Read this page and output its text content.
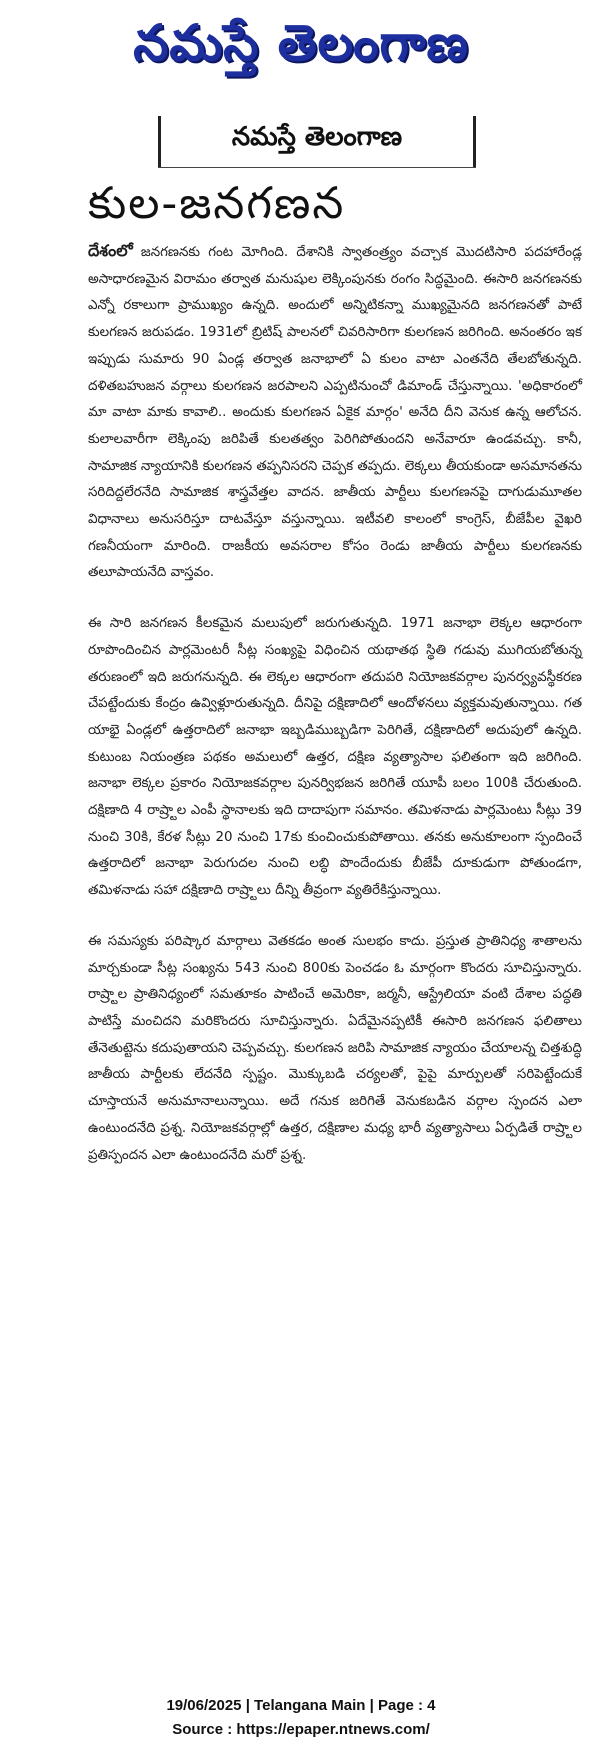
నమస్తే తెలంగాణ
నమస్తే తెలంగాణ
కుల-జనగణన

దేశంలో జనగణనకు గంట మోగింది. దేశానికి స్వాతంత్ర్యం వచ్చాక మొదటిసారి పదహారేండ్ల అసాధారణమైన విరామం తర్వాత మనుషుల లెక్కింపునకు రంగం సిద్ధమైంది. ఈసారి జనగణనకు ఎన్నో రకాలుగా ప్రాముఖ్యం ఉన్నది. అందులో అన్నిటికన్నా ముఖ్యమైనది జనగణనతో పాటే కులగణన జరుపడం. 1931లో బ్రిటిష్ పాలనలో చివరిసారిగా కులగణన జరిగింది. అనంతరం ఇక ఇప్పుడు సుమారు 90 ఏండ్ల తర్వాత జనాభాలో ఏ కులం వాటా ఎంతనేది తేలబోతున్నది. దళితబహుజన వర్గాలు కులగణన జరపాలని ఎప్పటినుంచో డిమాండ్ చేస్తున్నాయి. 'అధికారంలో మా వాటా మాకు కావాలి.. అందుకు కులగణన ఏకైక మార్గం' అనేది దీని వెనుక ఉన్న ఆలోచన. కులాలవారీగా లెక్కింపు జరిపితే కులతత్వం పెరిగిపోతుందని అనేవారూ ఉండవచ్చు. కానీ, సామాజిక న్యాయానికి కులగణన తప్పనిసరని చెప్పక తప్పదు. లెక్కలు తీయకుండా అసమానతను సరిదిద్దలేరనేది సామాజిక శాస్త్రవేత్తల వాదన. జాతీయ పార్టీలు కులగణనపై దాగుడుమూతల విధానాలు అనుసరిస్తూ దాటవేస్తూ వస్తున్నాయి. ఇటీవలి కాలంలో కాంగ్రెస్, బీజేపీల వైఖరి గణనీయంగా మారింది. రాజకీయ అవసరాల కోసం రెండు జాతీయ పార్టీలు కులగణనకు తలూపాయనేది వాస్తవం.

ఈ సారి జనగణన కీలకమైన మలుపులో జరుగుతున్నది. 1971 జనాభా లెక్కల ఆధారంగా రూపొందించిన పార్లమెంటరీ సీట్ల సంఖ్యపై విధించిన యథాతథ స్థితి గడువు ముగియబోతున్న తరుణంలో ఇది జరుగనున్నది. ఈ లెక్కల ఆధారంగా తదుపరి నియోజకవర్గాల పునర్వ్యవస్థీకరణ చేపట్టేందుకు కేంద్రం ఉవ్విళ్లూరుతున్నది. దీనిపై దక్షిణాదిలో ఆందోళనలు వ్యక్తమవుతున్నాయి. గత యాభై ఏండ్లలో ఉత్తరాదిలో జనాభా ఇబ్బడిముబ్బడిగా పెరిగితే, దక్షిణాదిలో అదుపులో ఉన్నది. కుటుంబ నియంత్రణ పథకం అమలులో ఉత్తర, దక్షిణ వ్యత్యాసాల ఫలితంగా ఇది జరిగింది. జనాభా లెక్కల ప్రకారం నియోజకవర్గాల పునర్విభజన జరిగితే యూపీ బలం 100కి చేరుతుంది. దక్షిణాది 4 రాష్ర్టాల ఎంపీ స్థానాలకు ఇది దాదాపుగా సమానం. తమిళనాడు పార్లమెంటు సీట్లు 39 నుంచి 30కి, కేరళ సీట్లు 20 నుంచి 17కు కుంచించుకుపోతాయి. తనకు అనుకూలంగా స్పందించే ఉత్తరాదిలో జనాభా పెరుగుదల నుంచి లబ్ధి పొందేందుకు బీజేపీ దూకుడుగా పోతుండగా, తమిళనాడు సహా దక్షిణాది రాష్ర్టాలు దీన్ని తీవ్రంగా వ్యతిరేకిస్తున్నాయి.

ఈ సమస్యకు పరిష్కార మార్గాలు వెతకడం అంత సులభం కాదు. ప్రస్తుత ప్రాతినిధ్య శాతాలను మార్చకుండా సీట్ల సంఖ్యను 543 నుంచి 800కు పెంచడం ఓ మార్గంగా కొందరు సూచిస్తున్నారు. రాష్ర్టాల ప్రాతినిధ్యంలో సమతూకం పాటించే అమెరికా, జర్మనీ, ఆస్ట్రేలియా వంటి దేశాల పద్ధతి పాటిస్తే మంచిదని మరికొందరు సూచిస్తున్నారు. ఏదేమైనప్పటికీ ఈసారి జనగణన ఫలితాలు తేనెతుట్టెను కదుపుతాయని చెప్పవచ్చు. కులగణన జరిపి సామాజిక న్యాయం చేయాలన్న చిత్తశుద్ధి జాతీయ పార్టీలకు లేదనేది స్పష్టం. మొక్కుబడి చర్యలతో, పైపై మార్పులతో సరిపెట్టేందుకే చూస్తాయనే అనుమానాలున్నాయి. అదే గనుక జరిగితే వెనుకబడిన వర్గాల స్పందన ఎలా ఉంటుందనేది ప్రశ్న. నియోజకవర్గాల్లో ఉత్తర, దక్షిణాల మధ్య భారీ వ్యత్యాసాలు ఏర్పడితే రాష్ర్టాల ప్రతిస్పందన ఎలా ఉంటుందనేది మరో ప్రశ్న.

19/06/2025 | Telangana Main | Page : 4
Source : https://epaper.ntnews.com/
